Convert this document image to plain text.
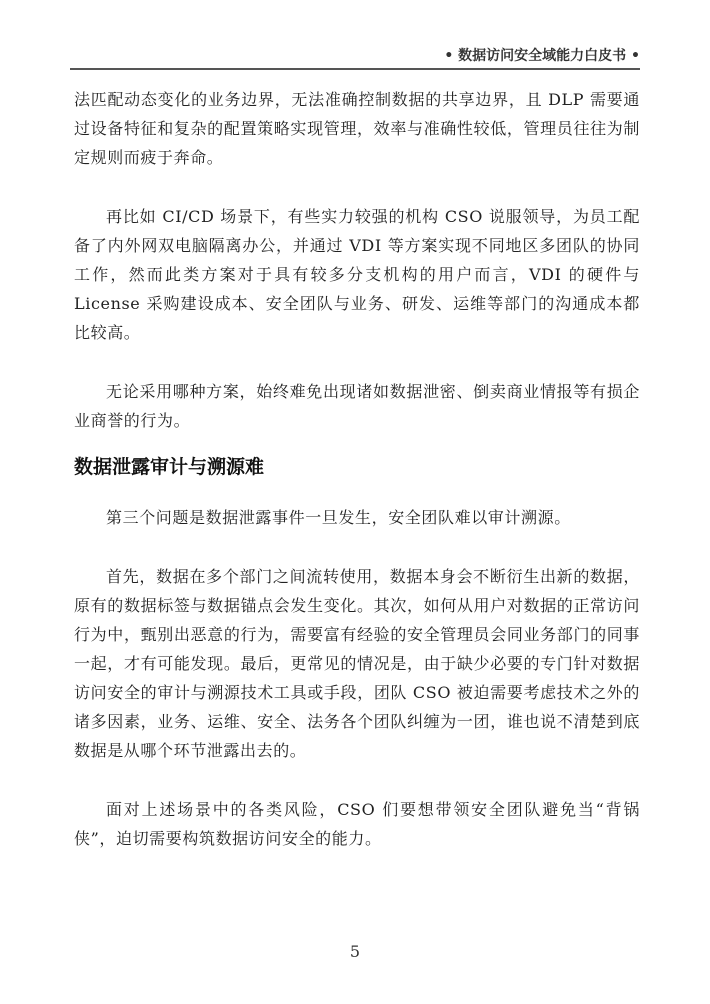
• 数据访问安全域能力白皮书 •

法匹配动态变化的业务边界，无法准确控制数据的共享边界，且 DLP 需要通过设备特征和复杂的配置策略实现管理，效率与准确性较低，管理员往往为制定规则而疲于奔命。

再比如 CI/CD 场景下，有些实力较强的机构 CSO 说服领导，为员工配备了内外网双电脑隔离办公，并通过 VDI 等方案实现不同地区多团队的协同工作，然而此类方案对于具有较多分支机构的用户而言，VDI 的硬件与 License 采购建设成本、安全团队与业务、研发、运维等部门的沟通成本都比较高。

无论采用哪种方案，始终难免出现诸如数据泄密、倒卖商业情报等有损企业商誉的行为。

数据泄露审计与溯源难

第三个问题是数据泄露事件一旦发生，安全团队难以审计溯源。

首先，数据在多个部门之间流转使用，数据本身会不断衍生出新的数据，原有的数据标签与数据锚点会发生变化。其次，如何从用户对数据的正常访问行为中，甄别出恶意的行为，需要富有经验的安全管理员会同业务部门的同事一起，才有可能发现。最后，更常见的情况是，由于缺少必要的专门针对数据访问安全的审计与溯源技术工具或手段，团队 CSO 被迫需要考虑技术之外的诸多因素，业务、运维、安全、法务各个团队纠缠为一团，谁也说不清楚到底数据是从哪个环节泄露出去的。

面对上述场景中的各类风险，CSO 们要想带领安全团队避免当“背锅侠”，迫切需要构筑数据访问安全的能力。

5
